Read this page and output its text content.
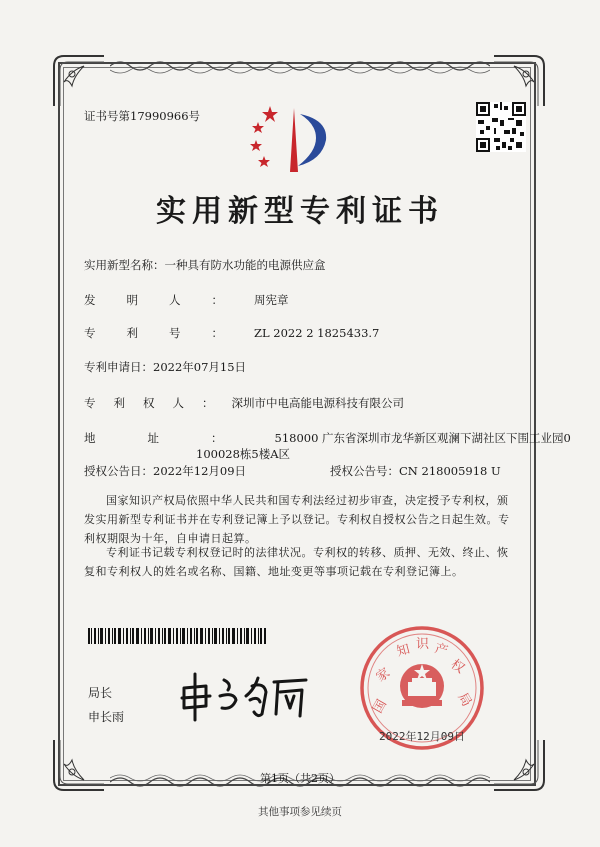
证书号第17990966号
实用新型专利证书
实用新型名称：一种具有防水功能的电源供应盒
发明人：周宪章
专利号：ZL 2022 2 1825433.7
专利申请日：2022年07月15日
专利权人：深圳市中电高能电源科技有限公司
地址：518000 广东省深圳市龙华新区观澜下湖社区下围工业园0
100028栋5楼A区
授权公告日：2022年12月09日	授权公告号：CN 218005918 U
国家知识产权局依照中华人民共和国专利法经过初步审查，决定授予专利权，颁发实用新型专利证书并在专利登记簿上予以登记。专利权自授权公告之日起生效。专利权期限为十年，自申请日起算。
专利证书记载专利权登记时的法律状况。专利权的转移、质押、无效、终止、恢复和专利权人的姓名或名称、国籍、地址变更等事项记载在专利登记簿上。
局长
申长雨
国
家
知 识 产
权
局
2022年12月09日
第1页（共2页）
其他事项参见续页
